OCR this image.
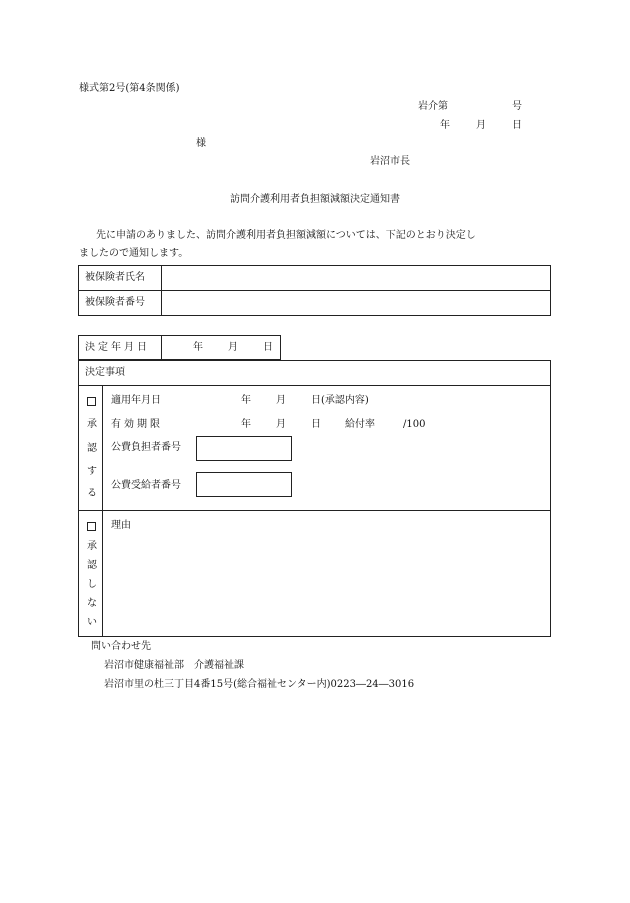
様式第2号(第4条関係)
岩介第	号
年	月	日
様
岩沼市長
訪問介護利用者負担額減額決定通知書
先に申請のありました、訪問介護利用者負担額減額については、下記のとおり決定し
ましたので通知します。
被保険者氏名
被保険者番号
決定年月日	年	月	日
決定事項
承
認
す
る
適用年月日	年	月	日(承認内容)
有効期限	年	月	日 給付率	/100
公費負担者番号
公費受給者番号
承
認
し
な
い
理由
問い合わせ先
岩沼市健康福祉部　介護福祉課
岩沼市里の杜三丁目4番15号(総合福祉センター内)0223―24―3016
